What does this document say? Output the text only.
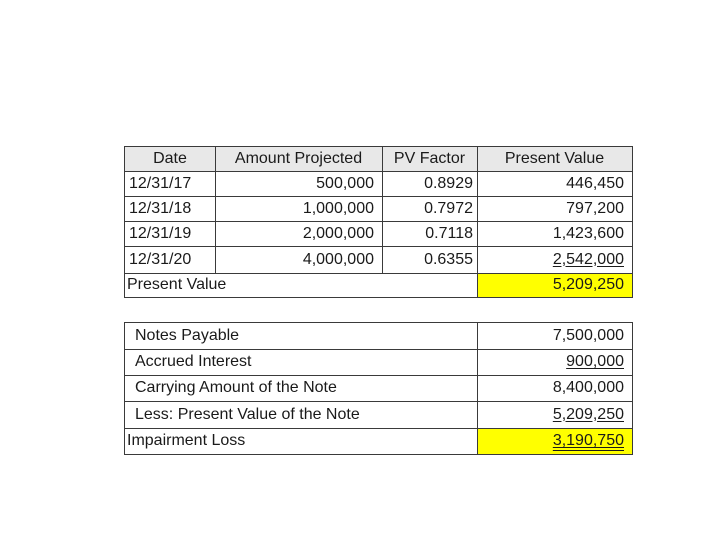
Date	Amount Projected	PV Factor	Present Value
12/31/17	500,000	0.8929	446,450
12/31/18	1,000,000	0.7972	797,200
12/31/19	2,000,000	0.7118	1,423,600
12/31/20	4,000,000	0.6355	2,542,000
Present Value	5,209,250
Notes Payable	7,500,000
Accrued Interest	900,000
Carrying Amount of the Note	8,400,000
Less: Present Value of the Note	5,209,250
Impairment Loss	3,190,750
